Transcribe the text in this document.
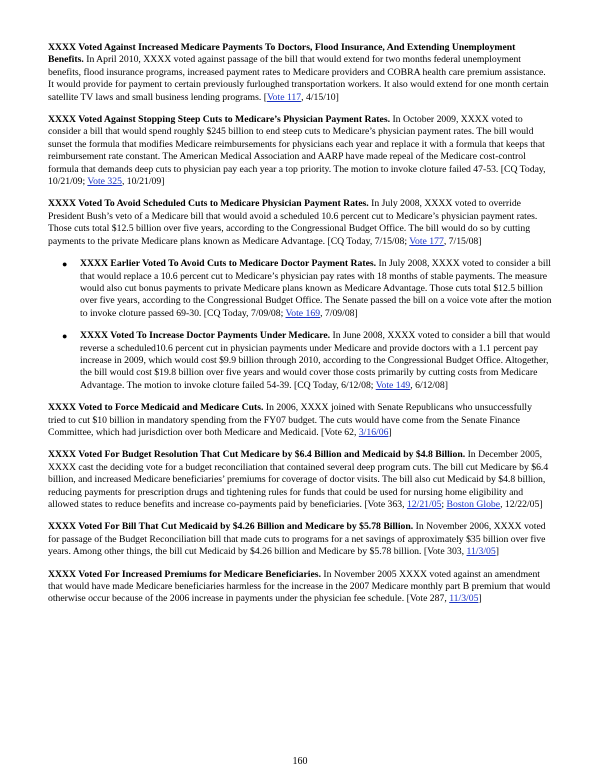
XXXX Voted Against Increased Medicare Payments To Doctors, Flood Insurance, And Extending Unemployment Benefits. In April 2010, XXXX voted against passage of the bill that would extend for two months federal unemployment benefits, flood insurance programs, increased payment rates to Medicare providers and COBRA health care premium assistance. It would provide for payment to certain previously furloughed transportation workers. It also would extend for one month certain satellite TV laws and small business lending programs. [Vote 117, 4/15/10]

XXXX Voted Against Stopping Steep Cuts to Medicare’s Physician Payment Rates. In October 2009, XXXX voted to consider a bill that would spend roughly $245 billion to end steep cuts to Medicare’s physician payment rates. The bill would sunset the formula that modifies Medicare reimbursements for physicians each year and replace it with a formula that keeps that reimbursement rate constant. The American Medical Association and AARP have made repeal of the Medicare cost-control formula that demands deep cuts to physician pay each year a top priority. The motion to invoke cloture failed 47-53. [CQ Today, 10/21/09; Vote 325, 10/21/09]

XXXX Voted To Avoid Scheduled Cuts to Medicare Physician Payment Rates. In July 2008, XXXX voted to override President Bush’s veto of a Medicare bill that would avoid a scheduled 10.6 percent cut to Medicare’s physician payment rates. Those cuts total $12.5 billion over five years, according to the Congressional Budget Office. The bill would do so by cutting payments to the private Medicare plans known as Medicare Advantage. [CQ Today, 7/15/08; Vote 177, 7/15/08]

● XXXX Earlier Voted To Avoid Cuts to Medicare Doctor Payment Rates. In July 2008, XXXX voted to consider a bill that would replace a 10.6 percent cut to Medicare’s physician pay rates with 18 months of stable payments. The measure would also cut bonus payments to private Medicare plans known as Medicare Advantage. Those cuts total $12.5 billion over five years, according to the Congressional Budget Office. The Senate passed the bill on a voice vote after the motion to invoke cloture passed 69-30. [CQ Today, 7/09/08; Vote 169, 7/09/08]
● XXXX Voted To Increase Doctor Payments Under Medicare. In June 2008, XXXX voted to consider a bill that would reverse a scheduled10.6 percent cut in physician payments under Medicare and provide doctors with a 1.1 percent pay increase in 2009, which would cost $9.9 billion through 2010, according to the Congressional Budget Office. Altogether, the bill would cost $19.8 billion over five years and would cover those costs primarily by cutting costs from Medicare Advantage. The motion to invoke cloture failed 54-39. [CQ Today, 6/12/08; Vote 149, 6/12/08]

XXXX Voted to Force Medicaid and Medicare Cuts. In 2006, XXXX joined with Senate Republicans who unsuccessfully tried to cut $10 billion in mandatory spending from the FY07 budget. The cuts would have come from the Senate Finance Committee, which had jurisdiction over both Medicare and Medicaid. [Vote 62, 3/16/06]

XXXX Voted For Budget Resolution That Cut Medicare by $6.4 Billion and Medicaid by $4.8 Billion. In December 2005, XXXX cast the deciding vote for a budget reconciliation that contained several deep program cuts. The bill cut Medicare by $6.4 billion, and increased Medicare beneficiaries’ premiums for coverage of doctor visits. The bill also cut Medicaid by $4.8 billion, reducing payments for prescription drugs and tightening rules for funds that could be used for nursing home eligibility and allowed states to reduce benefits and increase co-payments paid by beneficiaries. [Vote 363, 12/21/05; Boston Globe, 12/22/05]

XXXX Voted For Bill That Cut Medicaid by $4.26 Billion and Medicare by $5.78 Billion. In November 2006, XXXX voted for passage of the Budget Reconciliation bill that made cuts to programs for a net savings of approximately $35 billion over five years. Among other things, the bill cut Medicaid by $4.26 billion and Medicare by $5.78 billion. [Vote 303, 11/3/05]

XXXX Voted For Increased Premiums for Medicare Beneficiaries. In November 2005 XXXX voted against an amendment that would have made Medicare beneficiaries harmless for the increase in the 2007 Medicare monthly part B premium that would otherwise occur because of the 2006 increase in payments under the physician fee schedule. [Vote 287, 11/3/05]

160
